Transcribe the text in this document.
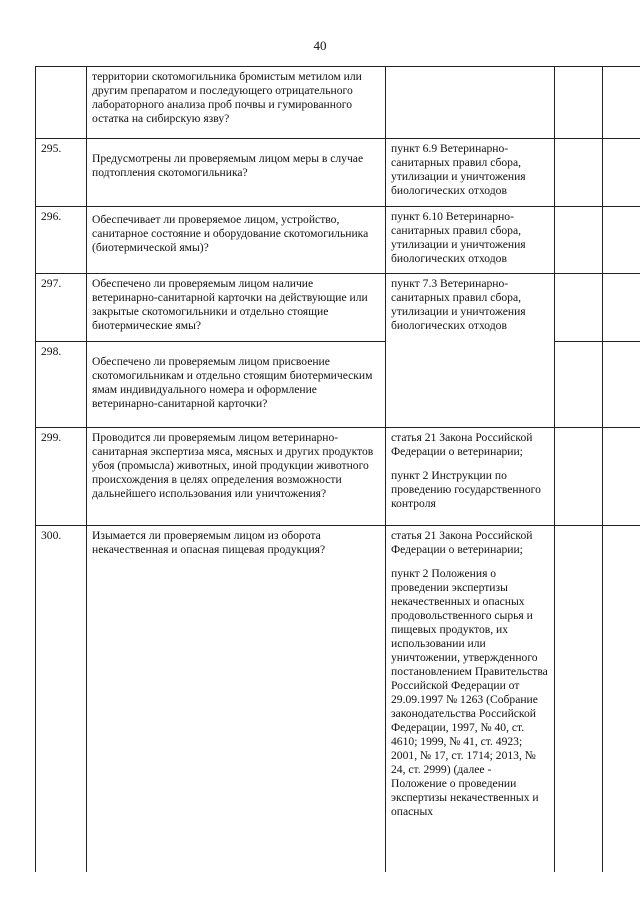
40
	территории скотомогильника бромистым метилом или другим препаратом и последующего отрицательного лабораторного анализа проб почвы и гумированного остатка на сибирскую язву?			
295.	Предусмотрены ли проверяемым лицом меры в случае подтопления скотомогильника?	пункт 6.9 Ветеринарно-санитарных правил сбора, утилизации и уничтожения биологических отходов		
296.	Обеспечивает ли проверяемое лицом, устройство, санитарное состояние и оборудование скотомогильника (биотермической ямы)?	пункт 6.10 Ветеринарно-санитарных правил сбора, утилизации и уничтожения биологических отходов		
297.	Обеспечено ли проверяемым лицом наличие ветеринарно-санитарной карточки на действующие или закрытые скотомогильники и отдельно стоящие биотермические ямы?	пункт 7.3 Ветеринарно-санитарных правил сбора, утилизации и уничтожения биологических отходов		
298.	Обеспечено ли проверяемым лицом присвоение скотомогильникам и отдельно стоящим биотермическим ямам индивидуального номера и оформление ветеринарно-санитарной карточки?			

299.	Проводится ли проверяемым лицом ветеринарно-санитарная экспертиза мяса, мясных и других продуктов убоя (промысла) животных, иной продукции животного происхождения в целях определения возможности дальнейшего использования или уничтожения?	статья 21 Закона Российской Федерации о ветеринарии;
пункт 2 Инструкции по проведению государственного контроля		

300.	Изымается ли проверяемым лицом из оборота некачественная и опасная пищевая продукция?	статья 21 Закона Российской Федерации о ветеринарии;
пункт 2 Положения о проведении экспертизы некачественных и опасных продовольственного сырья и пищевых продуктов, их использовании или уничтожении, утвержденного постановлением Правительства Российской Федерации от 29.09.1997 № 1263 (Собрание законодательства Российской Федерации, 1997, № 40, ст. 4610; 1999, № 41, ст. 4923; 2001, № 17, ст. 1714; 2013, № 24, ст. 2999) (далее - Положение о проведении экспертизы некачественных и опасных		
